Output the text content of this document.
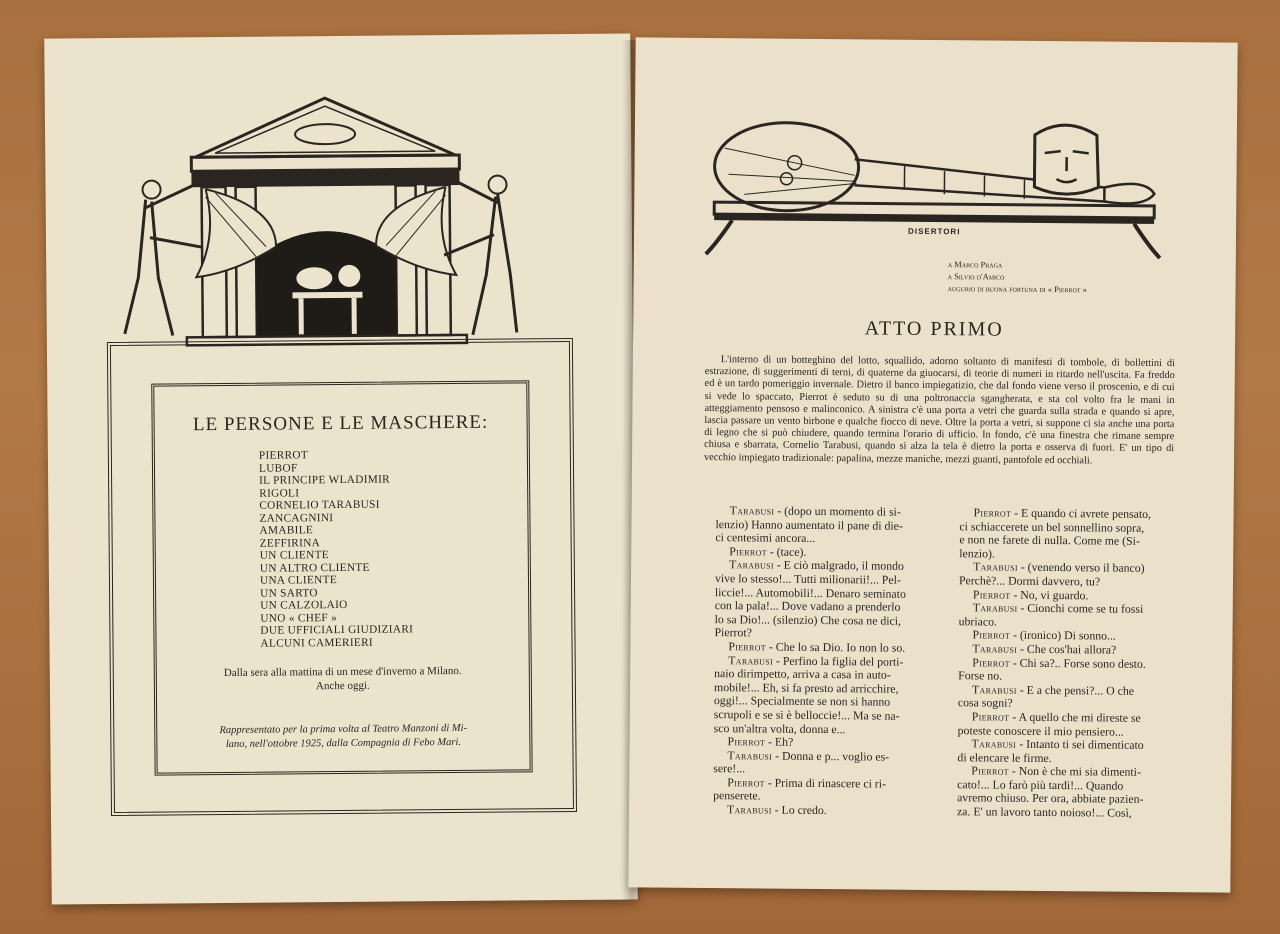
LE PERSONE E LE MASCHERE:
PIERROT
LUBOF
IL PRINCIPE WLADIMIR
RIGOLI
CORNELIO TARABUSI
ZANCAGNINI
AMABILE
ZEFFIRINA
UN CLIENTE
UN ALTRO CLIENTE
UNA CLIENTE
UN SARTO
UN CALZOLAIO
UNO « CHEF »
DUE UFFICIALI GIUDIZIARI
ALCUNI CAMERIERI
Dalla sera alla mattina di un mese d'inverno a Milano.
Anche oggi.
Rappresentato per la prima volta al Teatro Manzoni di Mi-
lano, nell'ottobre 1925, dalla Compagnia di Febo Mari.
DISERTORI
a Marco Praga
a Silvio d'Amico
augurio di buona fortuna di « Pierrot »
ATTO PRIMO
L'interno di un botteghino del lotto, squallido, adorno soltanto di manifesti di tombole, di bollettini di estrazione, di suggerimenti di terni, di quaterne da giuocarsi, di teorie di numeri in ritardo nell'uscita. Fa freddo ed è un tardo pomeriggio invernale. Dietro il banco impiegatizio, che dal fondo viene verso il proscenio, e di cui si vede lo spaccato, Pierrot è seduto su di una poltronaccia sgangherata, e sta col volto fra le mani in atteggiamento pensoso e malinconico. A sinistra c'è una porta a vetri che guarda sulla strada e quando si apre, lascia passare un vento birbone e qualche fiocco di neve. Oltre la porta a vetri, si suppone ci sia anche una porta di legno che si può chiudere, quando termina l'orario di ufficio. In fondo, c'è una finestra che rimane sempre chiusa e sbarrata, Cornelio Tarabusi, quando si alza la tela è dietro la porta e osserva di fuori. E' un tipo di vecchio impiegato tradizionale: papalina, mezze maniche, mezzi guanti, pantofole ed occhiali.

Tarabusi - (dopo un momento di si-

lenzio) Hanno aumentato il pane di die-

ci centesimi ancora...

Pierrot - (tace).

Tarabusi - E ciò malgrado, il mondo

vive lo stesso!... Tutti milionarii!... Pel-

liccie!... Automobili!... Denaro seminato

con la pala!... Dove vadano a prenderlo

lo sa Dio!... (silenzio) Che cosa ne dici,

Pierrot?

Pierrot - Che lo sa Dio. Io non lo so.

Tarabusi - Perfino la figlia del porti-

naio dirimpetto, arriva a casa in auto-

mobile!... Eh, si fa presto ad arricchire,

oggi!... Specialmente se non si hanno

scrupoli e se si è belloccie!... Ma se na-

sco un'altra volta, donna e...

Pierrot - Eh?

Tarabusi - Donna e p... voglio es-

sere!...

Pierrot - Prima di rinascere ci ri-

penserete.

Tarabusi - Lo credo.

Pierrot - E quando ci avrete pensato,

ci schiaccerete un bel sonnellino sopra,

e non ne farete di nulla. Come me (Si-

lenzio).

Tarabusi - (venendo verso il banco)

Perchè?... Dormi davvero, tu?

Pierrot - No, vi guardo.

Tarabusi - Cionchi come se tu fossi

ubriaco.

Pierrot - (ironico) Di sonno...

Tarabusi - Che cos'hai allora?

Pierrot - Chi sa?.. Forse sono desto.

Forse no.

Tarabusi - E a che pensi?... O che

cosa sogni?

Pierrot - A quello che mi direste se

poteste conoscere il mio pensiero...

Tarabusi - Intanto ti sei dimenticato

di elencare le firme.

Pierrot - Non è che mi sia dimenti-

cato!... Lo farò più tardi!... Quando

avremo chiuso. Per ora, abbiate pazien-

za. E' un lavoro tanto noioso!... Così,
